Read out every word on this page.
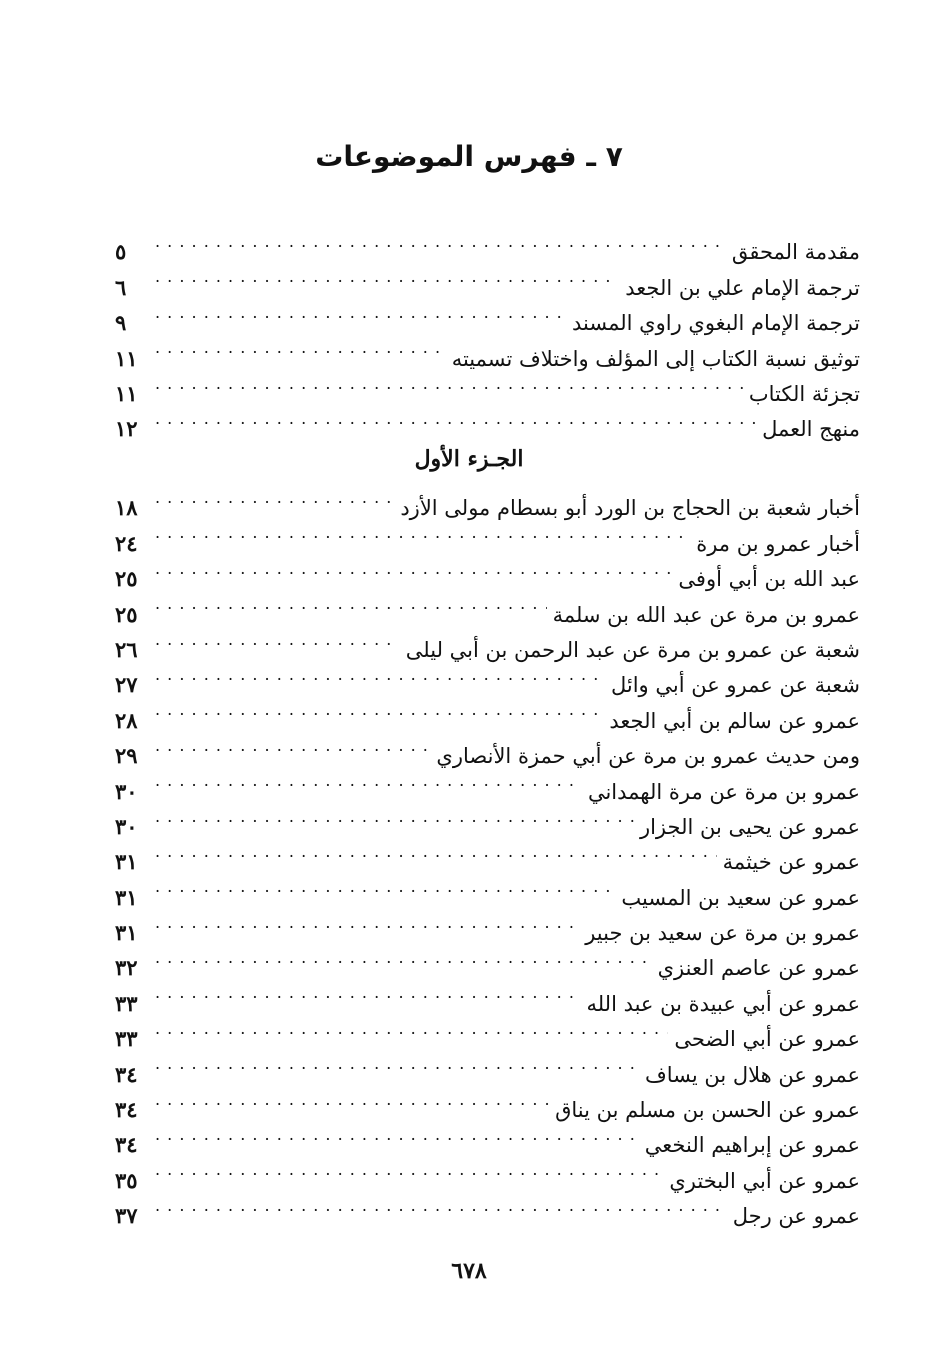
٧ ـ فهرس الموضوعات
مقدمة المحقق
. . .
٥
ترجمة الإمام علي بن الجعد
. . .
٦
ترجمة الإمام البغوي راوي المسند
. . .
٩
توثيق نسبة الكتاب إلى المؤلف واختلاف تسميته
. . .
١١
تجزئة الكتاب
. . .
١١
منهج العمل
. . .
١٢
الجـزء الأول
أخبار شعبة بن الحجاج بن الورد أبو بسطام مولى الأزد
. . .
١٨
أخبار عمرو بن مرة
. . .
٢٤
عبد الله بن أبي أوفى
. . .
٢٥
عمرو بن مرة عن عبد الله بن سلمة
. . .
٢٥
شعبة عن عمرو بن مرة عن عبد الرحمن بن أبي ليلى
. . .
٢٦
شعبة عن عمرو عن أبي وائل
. . .
٢٧
عمرو عن سالم بن أبي الجعد
. . .
٢٨
ومن حديث عمرو بن مرة عن أبي حمزة الأنصاري
. . .
٢٩
عمرو بن مرة عن مرة الهمداني
. . .
٣٠
عمرو عن يحيى بن الجزار
. . .
٣٠
عمرو عن خيثمة
. . .
٣١
عمرو عن سعيد بن المسيب
. . .
٣١
عمرو بن مرة عن سعيد بن جبير
. . .
٣١
عمرو عن عاصم العنزي
. . .
٣٢
عمرو عن أبي عبيدة بن عبد الله
. . .
٣٣
عمرو عن أبي الضحى
. . .
٣٣
عمرو عن هلال بن يساف
. . .
٣٤
عمرو عن الحسن بن مسلم بن يناق
. . .
٣٤
عمرو عن إبراهيم النخعي
. . .
٣٤
عمرو عن أبي البختري
. . .
٣٥
عمرو عن رجل
. . .
٣٧
٦٧٨
